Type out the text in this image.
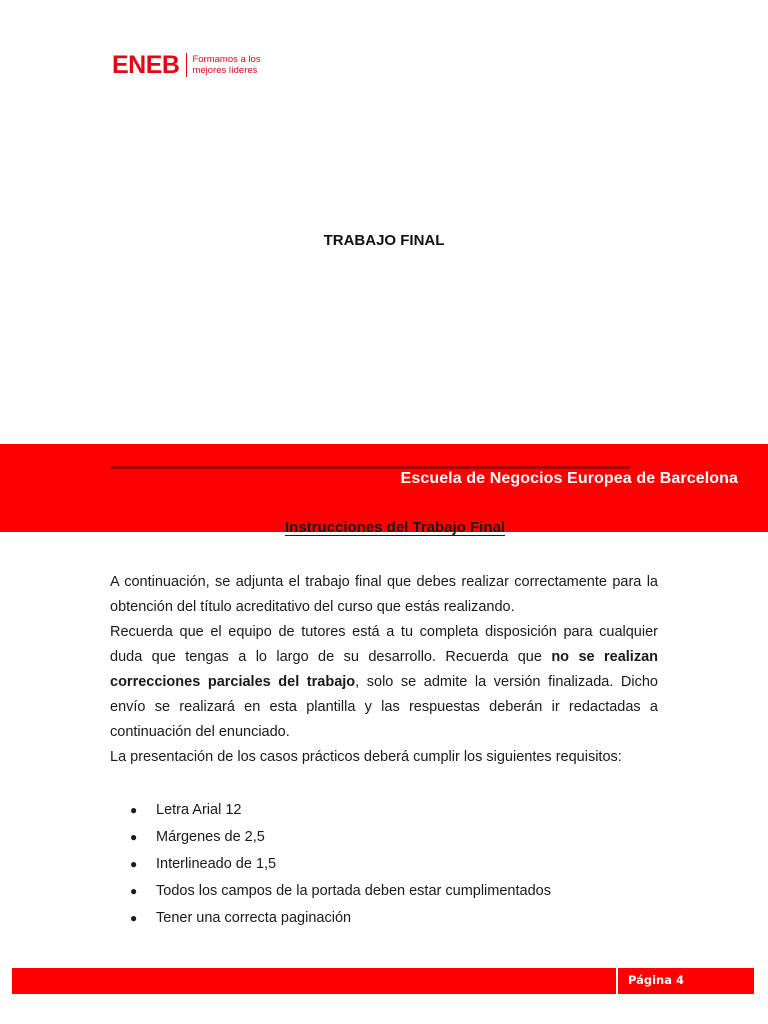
ENEB Formamos a los
mejores líderes
TRABAJO FINAL
Escuela de Negocios Europea de Barcelona
Instrucciones del Trabajo Final

A continuación, se adjunta el trabajo final que debes realizar correctamente para la obtención del título acreditativo del curso que estás realizando.

Recuerda que el equipo de tutores está a tu completa disposición para cualquier duda que tengas a lo largo de su desarrollo. Recuerda que no se realizan correcciones parciales del trabajo, solo se admite la versión finalizada. Dicho envío se realizará en esta plantilla y las respuestas deberán ir redactadas a continuación del enunciado.

La presentación de los casos prácticos deberá cumplir los siguientes requisitos:

● Letra Arial 12
● Márgenes de 2,5
● Interlineado de 1,5
● Todos los campos de la portada deben estar cumplimentados
● Tener una correcta paginación
Página 4
